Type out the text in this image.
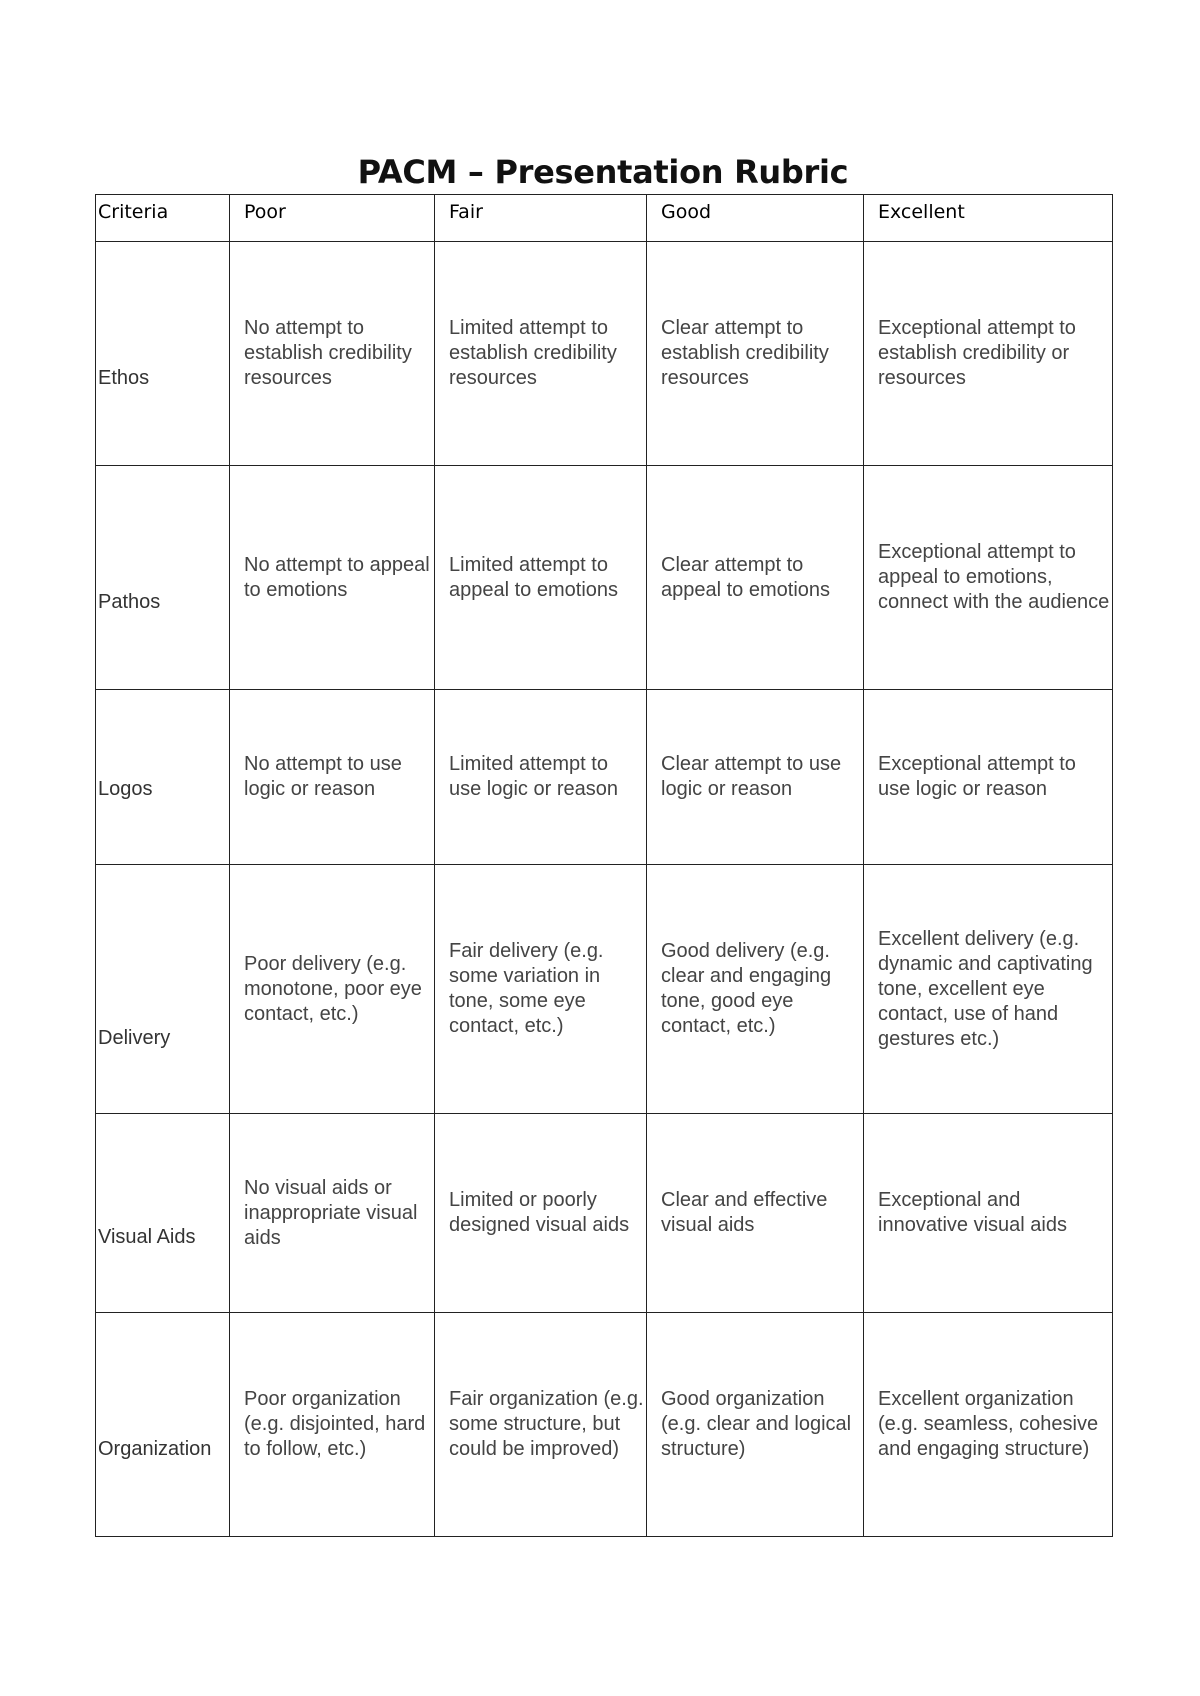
PACM – Presentation Rubric
Criteria	Poor	Fair	Good	Excellent
Ethos	No attempt to establish credibility resources	Limited attempt to establish credibility resources	Clear attempt to establish credibility resources	Exceptional attempt to establish credibility or resources
Pathos	No attempt to appeal to emotions	Limited attempt to appeal to emotions	Clear attempt to appeal to emotions	Exceptional attempt to appeal to emotions, connect with the audience
Logos	No attempt to use logic or reason	Limited attempt to use logic or reason	Clear attempt to use logic or reason	Exceptional attempt to use logic or reason
Delivery	Poor delivery (e.g. monotone, poor eye contact, etc.)	Fair delivery (e.g. some variation in tone, some eye contact, etc.)	Good delivery (e.g. clear and engaging tone, good eye contact, etc.)	Excellent delivery (e.g. dynamic and captivating tone, excellent eye contact, use of hand gestures etc.)
Visual Aids	No visual aids or inappropriate visual aids	Limited or poorly designed visual aids	Clear and effective visual aids	Exceptional and innovative visual aids
Organization	Poor organization (e.g. disjointed, hard to follow, etc.)	Fair organization (e.g. some structure, but could be improved)	Good organization (e.g. clear and logical structure)	Excellent organization (e.g. seamless, cohesive and engaging structure)
